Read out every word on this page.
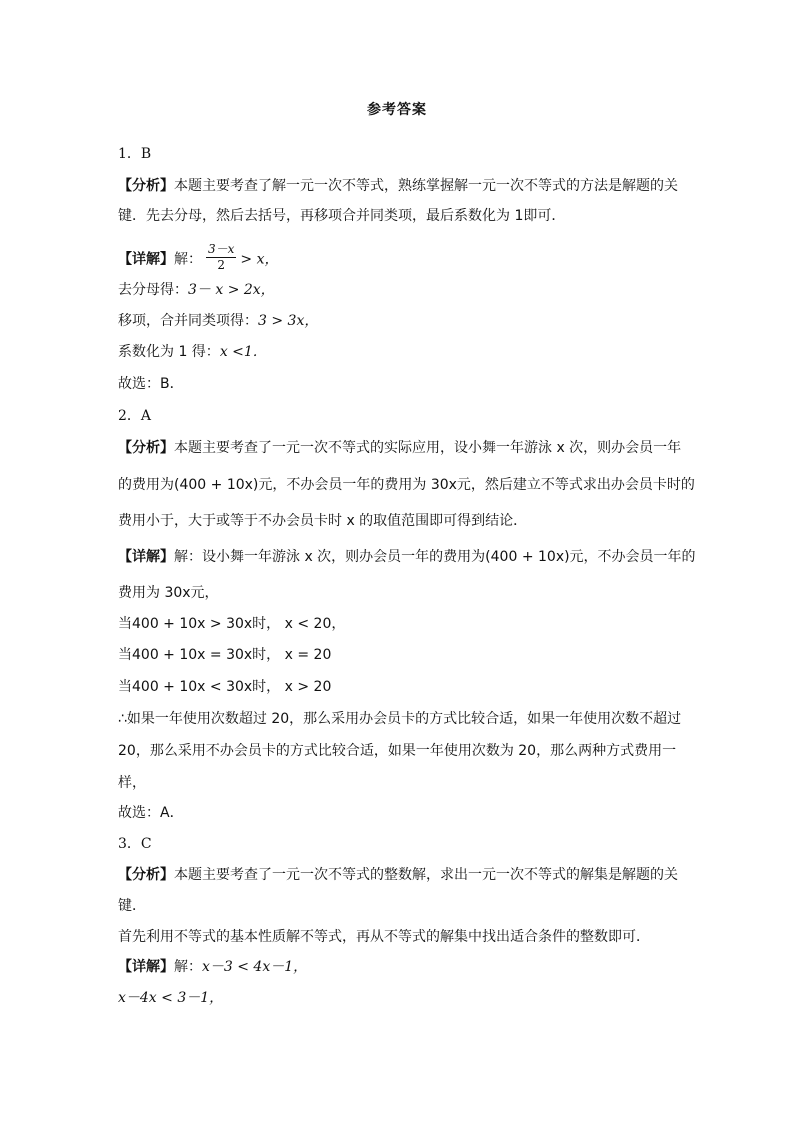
参考答案
1．B
【分析】本题主要考查了解一元一次不等式，熟练掌握解一元一次不等式的方法是解题的关
键．先去分母，然后去括号，再移项合并同类项，最后系数化为 1即可．
【详解】解： $\frac{3-x}{2} > x$，
去分母得：3－ x > 2x，
移项，合并同类项得：3 > 3x，
系数化为 1 得：x <1．
故选：B．
2．A
【分析】本题主要考查了一元一次不等式的实际应用，设小舞一年游泳 x 次，则办会员一年
的费用为(400 + 10x)元，不办会员一年的费用为 30x元，然后建立不等式求出办会员卡时的
费用小于，大于或等于不办会员卡时 x 的取值范围即可得到结论．
【详解】解：设小舞一年游泳 x 次，则办会员一年的费用为(400 + 10x)元，不办会员一年的
费用为 30x元，
当400 + 10x > 30x时， x < 20，
当400 + 10x = 30x时， x = 20
当400 + 10x < 30x时， x > 20
∴如果一年使用次数超过 20，那么采用办会员卡的方式比较合适，如果一年使用次数不超过
20，那么采用不办会员卡的方式比较合适，如果一年使用次数为 20，那么两种方式费用一
样，
故选：A．
3．C
【分析】本题主要考查了一元一次不等式的整数解，求出一元一次不等式的解集是解题的关
键．
首先利用不等式的基本性质解不等式，再从不等式的解集中找出适合条件的整数即可．
【详解】解：x－3 < 4x－1，
x－4x < 3－1，
